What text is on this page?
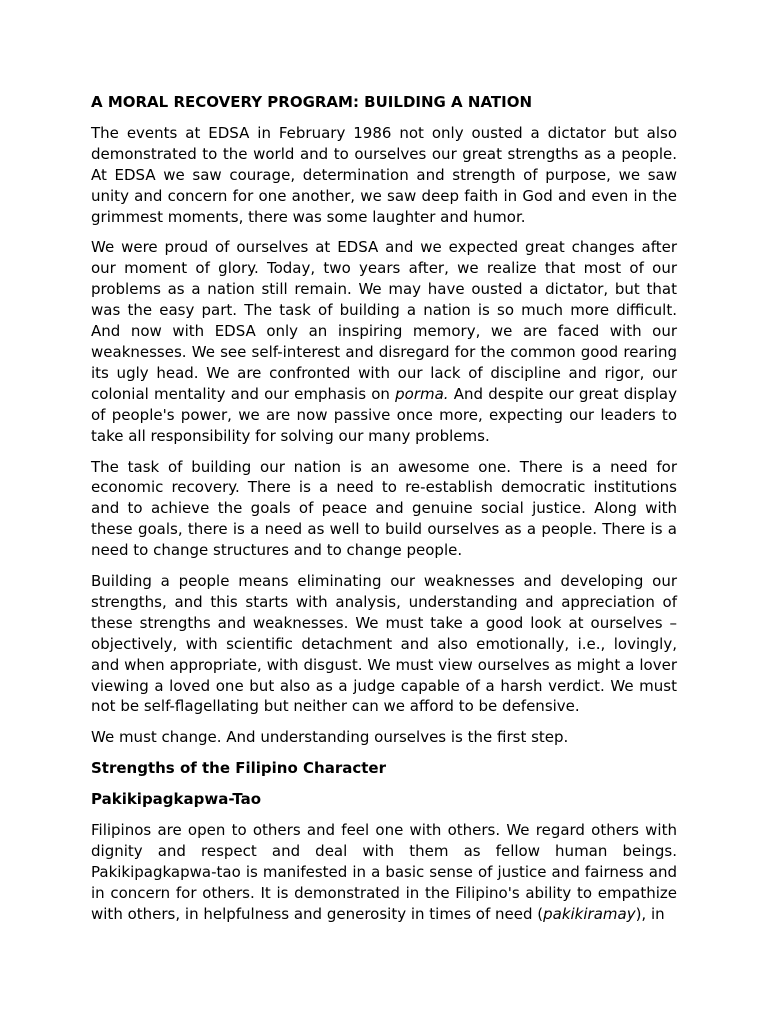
A MORAL RECOVERY PROGRAM: BUILDING A NATION

The events at EDSA in February 1986 not only ousted a dictator but also demonstrated to the world and to ourselves our great strengths as a people. At EDSA we saw courage, determination and strength of purpose, we saw unity and concern for one another, we saw deep faith in God and even in the grimmest moments, there was some laughter and humor.

We were proud of ourselves at EDSA and we expected great changes after our moment of glory. Today, two years after, we realize that most of our problems as a nation still remain. We may have ousted a dictator, but that was the easy part. The task of building a nation is so much more difficult. And now with EDSA only an inspiring memory, we are faced with our weaknesses. We see self-interest and disregard for the common good rearing its ugly head. We are confronted with our lack of discipline and rigor, our colonial mentality and our emphasis on porma. And despite our great display of people's power, we are now passive once more, expecting our leaders to take all responsibility for solving our many problems.

The task of building our nation is an awesome one. There is a need for economic recovery. There is a need to re-establish democratic institutions and to achieve the goals of peace and genuine social justice. Along with these goals, there is a need as well to build ourselves as a people. There is a need to change structures and to change people.

Building a people means eliminating our weaknesses and developing our strengths, and this starts with analysis, understanding and appreciation of these strengths and weaknesses. We must take a good look at ourselves – objectively, with scientific detachment and also emotionally, i.e., lovingly, and when appropriate, with disgust. We must view ourselves as might a lover viewing a loved one but also as a judge capable of a harsh verdict. We must not be self-flagellating but neither can we afford to be defensive.

We must change. And understanding ourselves is the first step.

Strengths of the Filipino Character
Pakikipagkapwa-Tao

Filipinos are open to others and feel one with others. We regard others with dignity and respect and deal with them as fellow human beings. Pakikipagkapwa-tao is manifested in a basic sense of justice and fairness and in concern for others. It is demonstrated in the Filipino's ability to empathize with others, in helpfulness and generosity in times of need (pakikiramay), in
